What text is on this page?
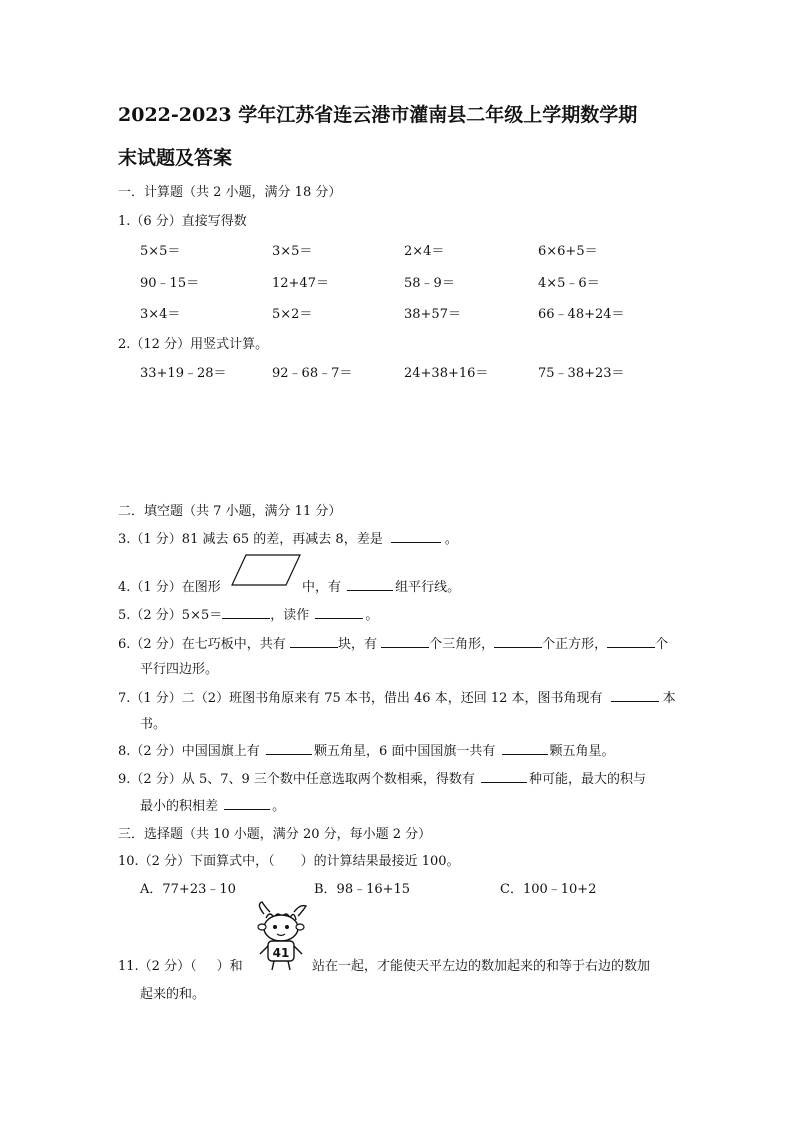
2022-2023 学年江苏省连云港市灌南县二年级上学期数学期
末试题及答案
一．计算题（共 2 小题，满分 18 分）
1.（6 分）直接写得数
5×5＝	3×5＝	2×4＝	6×6+5＝
90﹣15＝	12+47＝	58﹣9＝	4×5﹣6＝
3×4＝	5×2＝	38+57＝	66﹣48+24＝
2.（12 分）用竖式计算。
33+19﹣28＝	92﹣68﹣7＝	24+38+16＝	75﹣38+23＝
二．填空题（共 7 小题，满分 11 分）
3.（1 分）81 减去 65 的差，再减去 8，差是	。
4.（1 分）在图形	中，有	组平行线。
5.（2 分）5×5＝	，读作	。
6.（2 分）在七巧板中，共有	块，有	个三角形，	个正方形，	个
平行四边形。
7.（1 分）二（2）班图书角原来有 75 本书，借出 46 本，还回 12 本，图书角现有	本
书。
8.（2 分）中国国旗上有	颗五角星，6 面中国国旗一共有	颗五角星。
9.（2 分）从 5、7、9 三个数中任意选取两个数相乘，得数有	种可能，最大的积与
最小的积相差	。
三．选择题（共 10 小题，满分 20 分，每小题 2 分）
10.（2 分）下面算式中，（ ）的计算结果最接近 100。
A．77+23﹣10	B．98﹣16+15	C．100﹣10+2
41
11.（2 分）（ ）和	站在一起，才能使天平左边的数加起来的和等于右边的数加
起来的和。
